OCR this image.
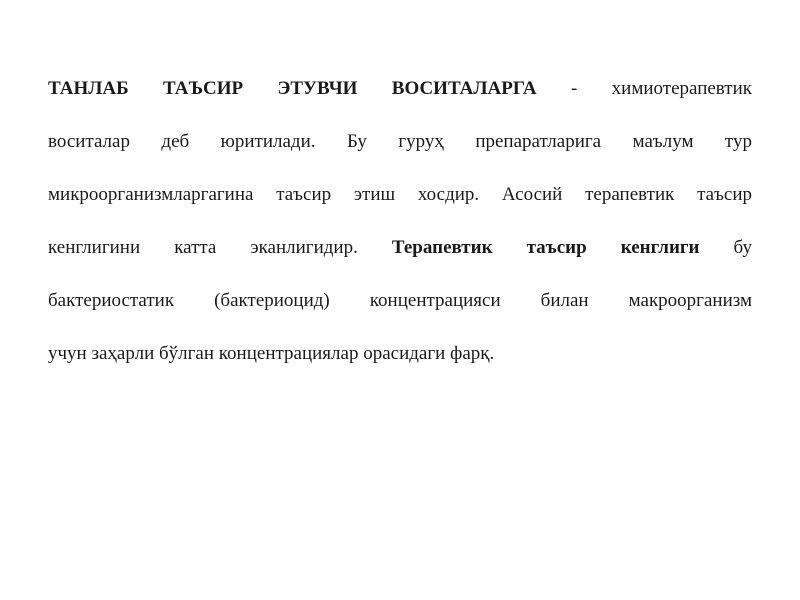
ТАНЛАБ ТАЪСИР ЭТУВЧИ ВОСИТАЛАРГА - химиотерапевтик
воситалар деб юритилади. Бу гуруҳ препаратларига маълум тур
микроорганизмларгагина таъсир этиш хосдир. Асосий терапевтик таъсир
кенглигини катта эканлигидир. Терапевтик таъсир кенглиги бу
бактериостатик (бактериоцид) концентрацияси билан макроорганизм
учун заҳарли бўлган концентрациялар орасидаги фарқ.
